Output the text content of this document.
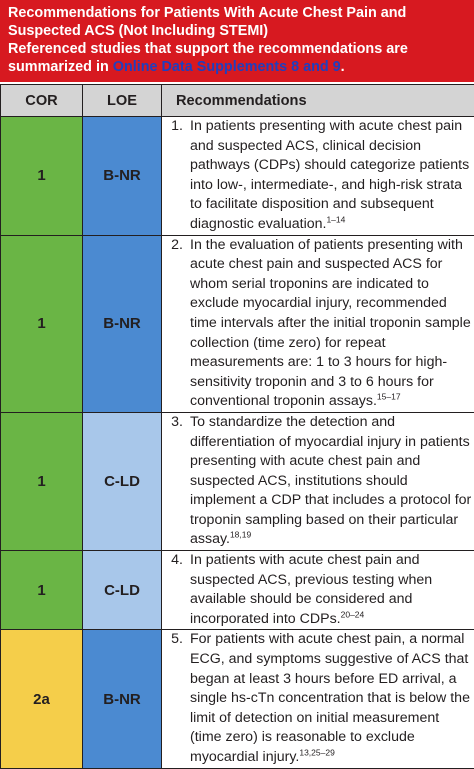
Recommendations for Patients With Acute Chest Pain and Suspected ACS (Not Including STEMI)
Referenced studies that support the recommendations are summarized in Online Data Supplements 8 and 9.
COR	LOE	Recommendations
1	B-NR	1. In patients presenting with acute chest pain and suspected ACS, clinical decision pathways (CDPs) should categorize patients into low-, intermediate-, and high-risk strata to facilitate disposition and subsequent diagnostic evaluation.$^{1-14}$

1	B-NR	2. In the evaluation of patients presenting with acute chest pain and suspected ACS for whom serial troponins are indicated to exclude myocardial injury, recommended time intervals after the initial troponin sample collection (time zero) for repeat measurements are: 1 to 3 hours for high-sensitivity troponin and 3 to 6 hours for conventional troponin assays.$^{15-17}$

1	C-LD	3. To standardize the detection and differentiation of myocardial injury in patients presenting with acute chest pain and suspected ACS, institutions should implement a CDP that includes a protocol for troponin sampling based on their particular assay.$^{18,19}$

1	C-LD	4. In patients with acute chest pain and suspected ACS, previous testing when available should be considered and incorporated into CDPs.$^{20-24}$

2a	B-NR	5. For patients with acute chest pain, a normal ECG, and symptoms suggestive of ACS that began at least 3 hours before ED arrival, a single hs-cTn concentration that is below the limit of detection on initial measurement (time zero) is reasonable to exclude myocardial injury.$^{13,25-29}$
